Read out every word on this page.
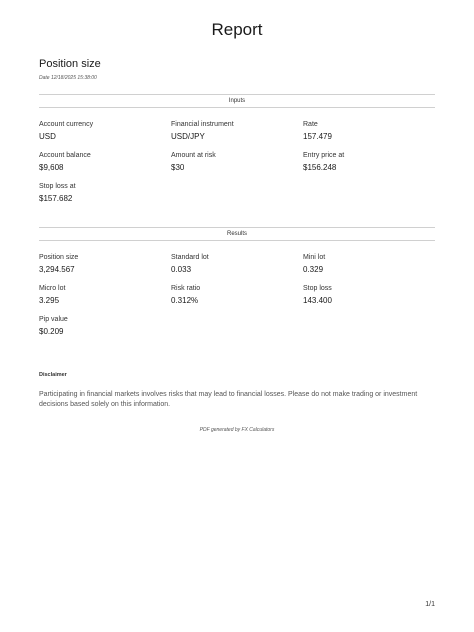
Report
Position size
Date 12/18/2025 15:38:00
Inputs
Account currency
USD
Financial instrument
USD/JPY
Rate
157.479
Account balance
$9,608
Amount at risk
$30
Entry price at
$156.248
Stop loss at
$157.682
Results
Position size
3,294.567
Standard lot
0.033
Mini lot
0.329
Micro lot
3.295
Risk ratio
0.312%
Stop loss
143.400
Pip value
$0.209
Disclaimer
Participating in financial markets involves risks that may lead to financial losses. Please do not make trading or investment decisions based solely on this information.
PDF generated by FX Calculators
1/1
